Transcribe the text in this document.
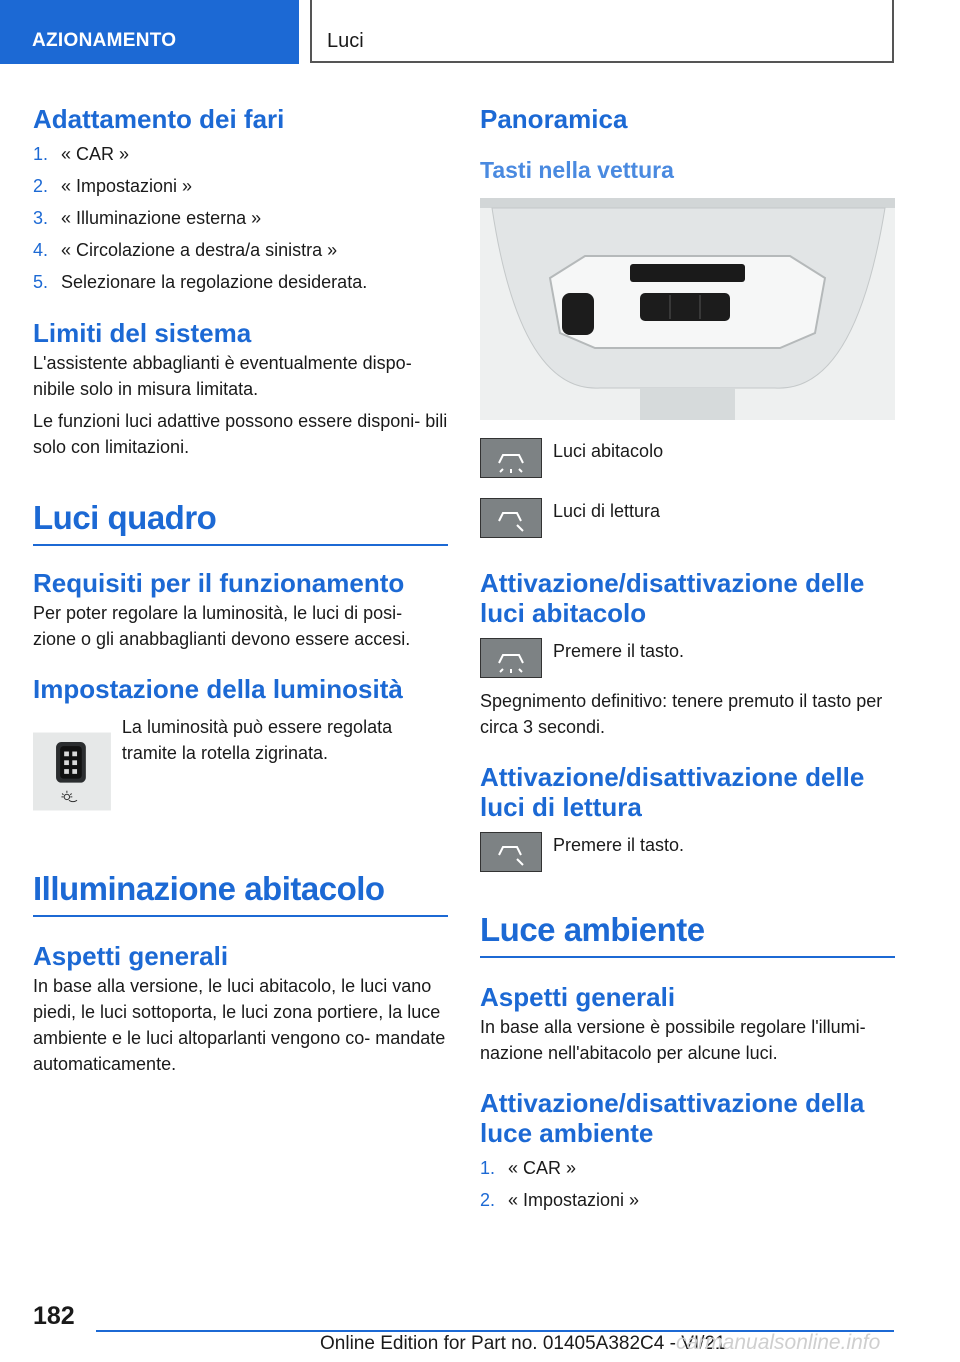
AZIONAMENTO	Luci
Adattamento dei fari
1. « CAR »
2. « Impostazioni »
3. « Illuminazione esterna »
4. « Circolazione a destra/a sinistra »
5. Selezionare la regolazione desiderata.
Limiti del sistema

L'assistente abbaglianti è eventualmente dispo- nibile solo in misura limitata.

Le funzioni luci adattive possono essere disponi- bili solo con limitazioni.

Luci quadro
Requisiti per il funzionamento

Per poter regolare la luminosità, le luci di posi- zione o gli anabbaglianti devono essere accesi.

Impostazione della luminosità

La luminosità può essere regolata tramite la rotella zigrinata.

Illuminazione abitacolo
Aspetti generali

In base alla versione, le luci abitacolo, le luci vano piedi, le luci sottoporta, le luci zona portiere, la luce ambiente e le luci altoparlanti vengono co- mandate automaticamente.

Panoramica
Tasti nella vettura

Luci abitacolo

Luci di lettura

Attivazione/disattivazione delle luci abitacolo

Premere il tasto.

Spegnimento definitivo: tenere premuto il tasto per circa 3 secondi.

Attivazione/disattivazione delle luci di lettura

Premere il tasto.

Luce ambiente
Aspetti generali

In base alla versione è possibile regolare l'illumi- nazione nell'abitacolo per alcune luci.

Attivazione/disattivazione della luce ambiente
1. « CAR »
2. « Impostazioni »
182
Online Edition for Part no. 01405A382C4 - VI/21
carmanualsonline.info
